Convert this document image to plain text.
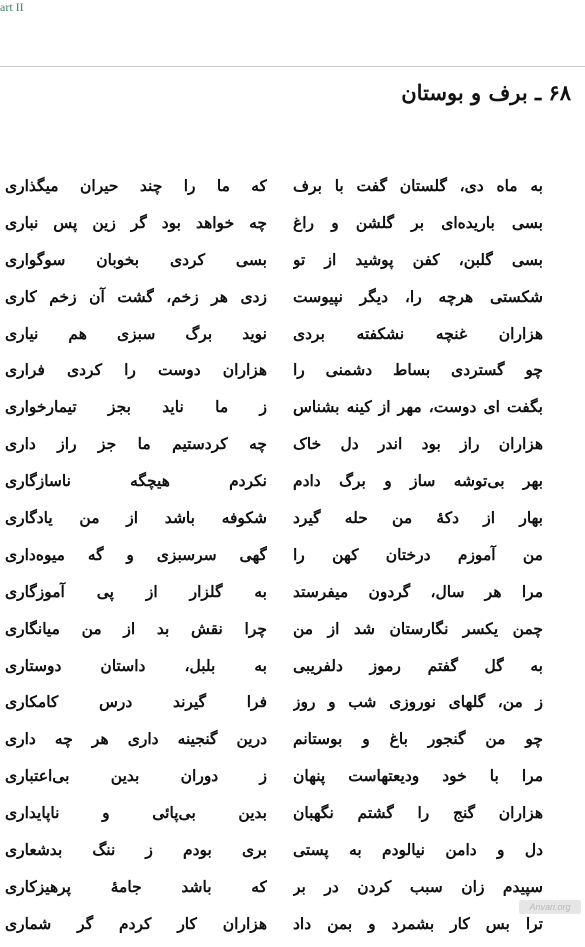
art II
۶۸ ـ برف و بوستان
به ماه دی، گلستان گفت با برف
بسی باریده‌ای بر گلشن و راغ
بسی گلبن، کفن پوشید از تو
شکستی هرچه را، دیگر نپیوست
هزاران غنچه نشکفته بردی
چو گستردی بساط دشمنی را
بگفت ای دوست، مهر از کینه بشناس
هزاران راز بود اندر دل خاک
بهر بی‌توشه ساز و برگ دادم
بهار از دکهٔ من حله گیرد
من آموزم درختان کهن را
مرا هر سال، گردون میفرستد
چمن یکسر نگارستان شد از من
به گل گفتم رموز دلفریبی
ز من، گلهای نوروزی شب و روز
چو من گنجور باغ و بوستانم
مرا با خود ودیعتهاست پنهان
هزاران گنج را گشتم نگهبان
دل و دامن نیالودم به پستی
سپیدم زان سبب کردن در بر
ترا بس کار بشمرد و بمن داد
که ما را چند حیران میگذاری
چه خواهد بود گر زین پس نباری
بسی کردی بخوبان سوگواری
زدی هر زخم، گشت آن زخم کاری
نوید برگ سبزی هم نیاری
هزاران دوست را کردی فراری
ز ما ناید بجز تیمارخواری
چه کردستیم ما جز راز داری
نکردم هیچگه ناسازگاری
شکوفه باشد از من یادگاری
گهی سرسبزی و گه میوه‌داری
به گلزار از پی آموزگاری
چرا نقش بد از من میانگاری
به بلبل، داستان دوستاری
فرا گیرند درس کامکاری
درین گنجینه داری هر چه داری
ز دوران بدین بی‌اعتباری
بدین بی‌پائی و ناپایداری
بری بودم ز ننگ بدشعاری
که باشد جامهٔ پرهیزکاری
هزاران کار کردم گر شماری
Anvari.org
